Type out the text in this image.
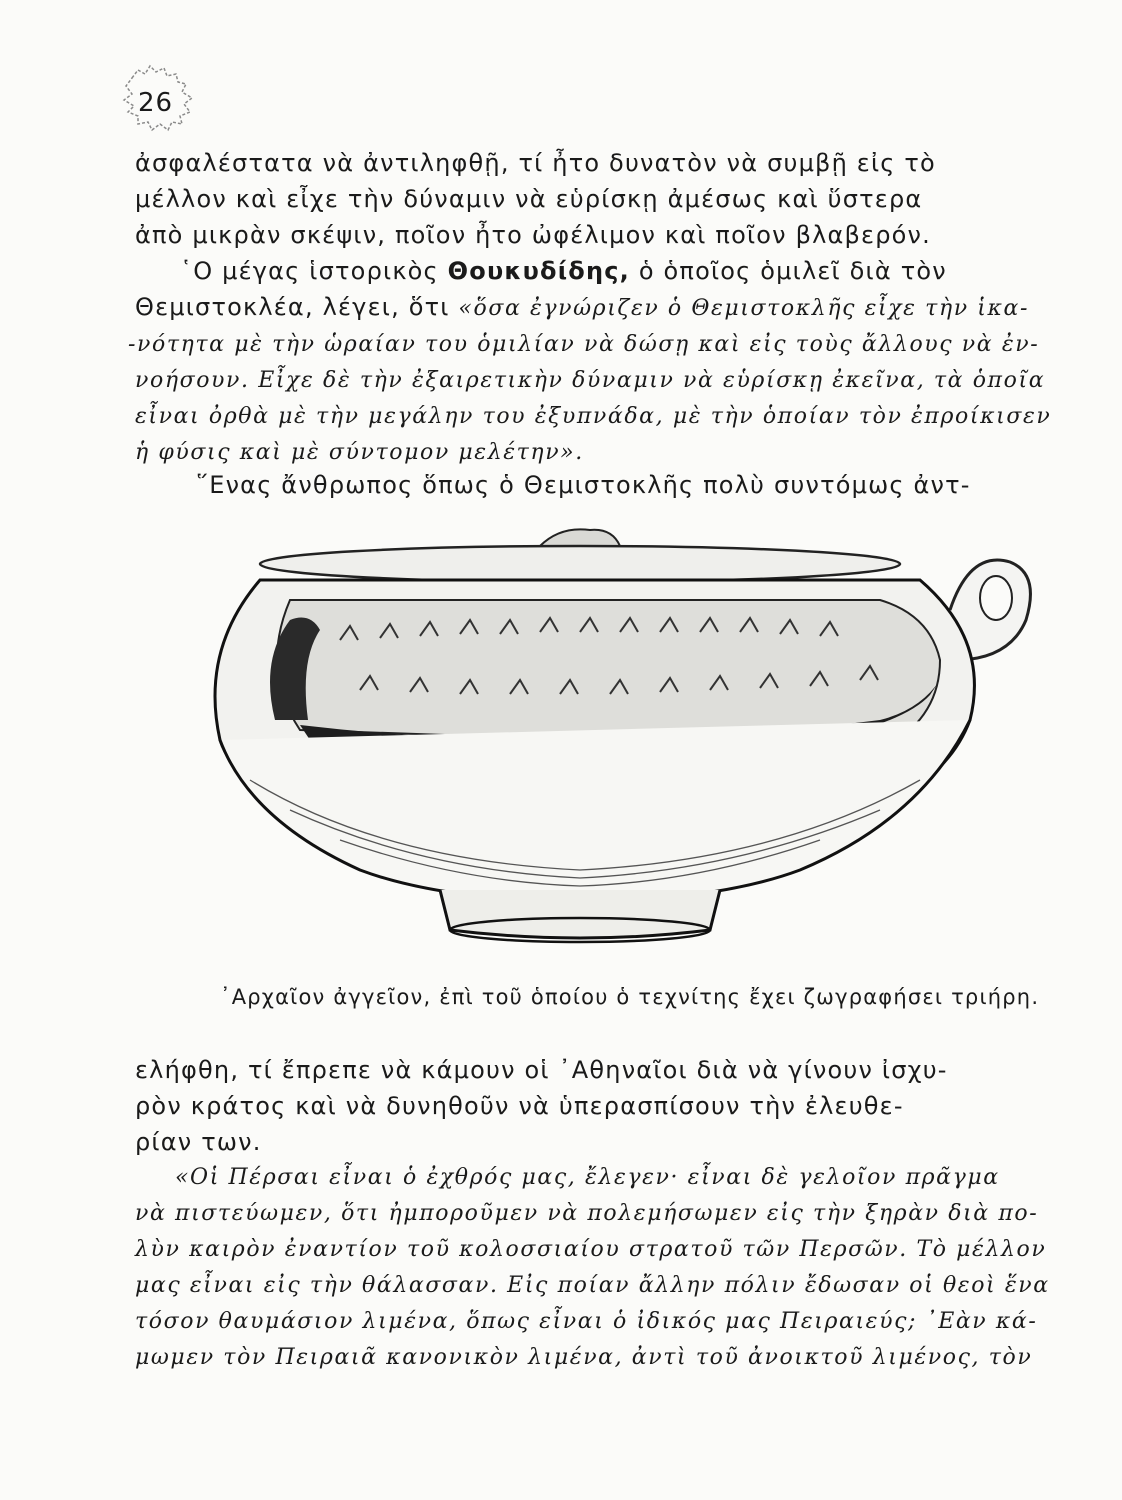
26
ἀσφαλέστατα νὰ ἀντιληφθῇ, τί ἦτο δυνατὸν νὰ συμβῇ εἰς τὸ
μέλλον καὶ εἶχε τὴν δύναμιν νὰ εὑρίσκῃ ἀμέσως καὶ ὕστερα
ἀπὸ μικρὰν σκέψιν, ποῖον ἦτο ὠφέλιμον καὶ ποῖον βλαβερόν.
῾Ο μέγας ἱστορικὸς Θουκυδίδης, ὁ ὁποῖος ὁμιλεῖ διὰ τὸν
Θεμιστοκλέα, λέγει, ὅτι «ὅσα ἐγνώριζεν ὁ Θεμιστοκλῆς εἶχε τὴν ἱκα-
-νότητα μὲ τὴν ὡραίαν του ὁμιλίαν νὰ δώσῃ καὶ εἰς τοὺς ἄλλους νὰ ἐν-
νοήσουν. Εἶχε δὲ τὴν ἐξαιρετικὴν δύναμιν νὰ εὑρίσκῃ ἐκεῖνα, τὰ ὁποῖα
εἶναι ὀρθὰ μὲ τὴν μεγάλην του ἐξυπνάδα, μὲ τὴν ὁποίαν τὸν ἐπροίκισεν
ἡ φύσις καὶ μὲ σύντομον μελέτην».
῞Ενας ἄνθρωπος ὅπως ὁ Θεμιστοκλῆς πολὺ συντόμως ἀντ-
᾿Αρχαῖον ἀγγεῖον, ἐπὶ τοῦ ὁποίου ὁ τεχνίτης ἔχει ζωγραφήσει τριήρη.
ελήφθη, τί ἔπρεπε νὰ κάμουν οἱ ᾿Αθηναῖοι διὰ νὰ γίνουν ἰσχυ-
ρὸν κράτος καὶ νὰ δυνηθοῦν νὰ ὑπερασπίσουν τὴν ἐλευθε-
ρίαν των.
«Οἱ Πέρσαι εἶναι ὁ ἐχθρός μας, ἔλεγεν· εἶναι δὲ γελοῖον πρᾶγμα
νὰ πιστεύωμεν, ὅτι ἠμποροῦμεν νὰ πολεμήσωμεν εἰς τὴν ξηρὰν διὰ πο-
λὺν καιρὸν ἐναντίον τοῦ κολοσσιαίου στρατοῦ τῶν Περσῶν. Τὸ μέλλον
μας εἶναι εἰς τὴν θάλασσαν. Εἰς ποίαν ἄλλην πόλιν ἔδωσαν οἱ θεοὶ ἕνα
τόσον θαυμάσιον λιμένα, ὅπως εἶναι ὁ ἰδικός μας Πειραιεύς; ᾿Εὰν κά-
μωμεν τὸν Πειραιᾶ κανονικὸν λιμένα, ἀντὶ τοῦ ἀνοικτοῦ λιμένος, τὸν
